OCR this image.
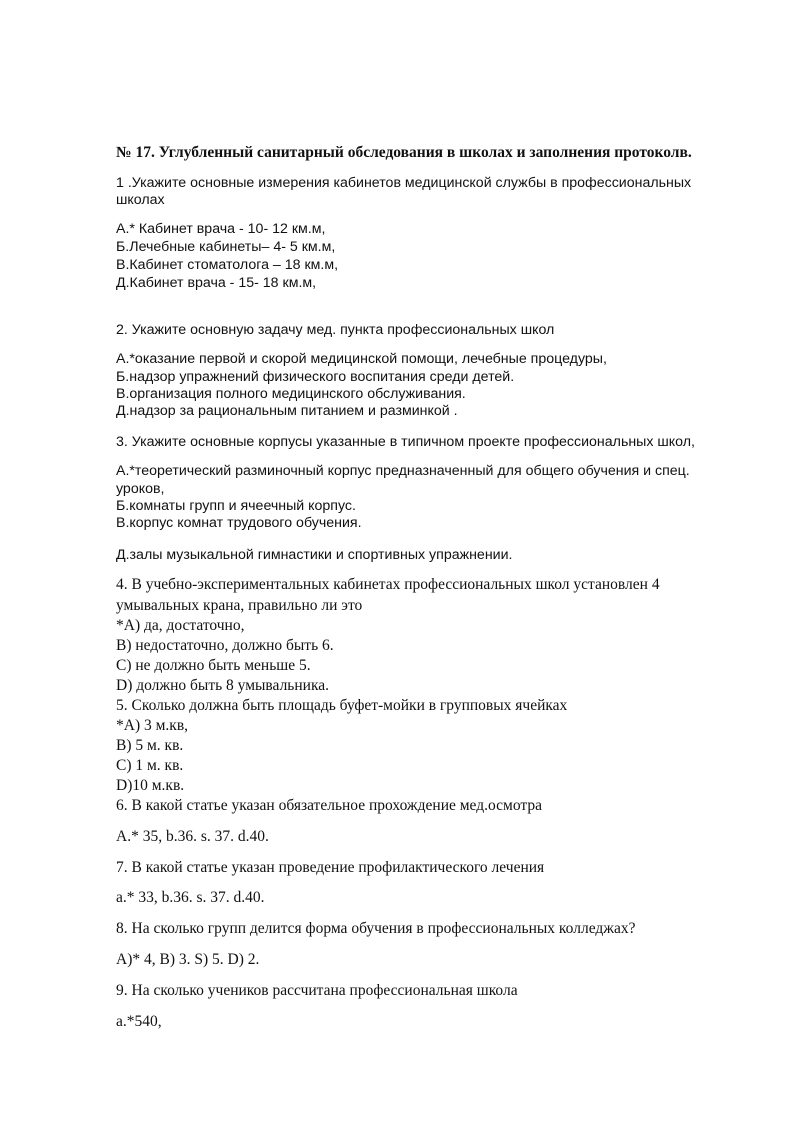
№ 17. Углубленный санитарный обследования в школах и заполнения протоколв.
1 .Укажите основные измерения кабинетов медицинской службы в профессиональных
школах
А.* Кабинет врача - 10- 12 км.м,
Б.Лечебные кабинеты– 4- 5 км.м,
В.Кабинет стоматолога – 18 км.м,
Д.Кабинет врача - 15- 18 км.м,
2. Укажите основную задачу мед. пункта профессиональных школ
А.*оказание первой и скорой медицинской помощи, лечебные процедуры,
Б.надзор упражнений физического воспитания среди детей.
В.организация полного медицинского обслуживания.
Д.надзор за рациональным питанием и разминкой .
3. Укажите основные корпусы указанные в типичном проекте профессиональных школ,
А.*теоретический разминочный корпус предназначенный для общего обучения и спец.
уроков,
Б.комнаты групп и ячеечный корпус.
В.корпус комнат трудового обучения.
Д.залы музыкальной гимнастики и спортивных упражнении.
4. В учебно-экспериментальных кабинетах профессиональных школ установлен 4
умывальных крана, правильно ли это
*А) да, достаточно,
В) недостаточно, должно быть 6.
С) не должно быть меньше 5.
D) должно быть 8 умывальника.
5. Сколько должна быть площадь буфет-мойки в групповых ячейках
*А) 3 м.кв,
В) 5 м. кв.
С) 1 м. кв.
D)10 м.кв.
6. В какой статье указан обязательное прохождение мед.осмотра
А.* 35, b.36. s. 37. d.40.
7. В какой статье указан проведение профилактического лечения
a.* 33, b.36. s. 37. d.40.
8. На сколько групп делится форма обучения в профессиональных колледжах?
А)* 4, В) 3. S) 5. D) 2.
9. На сколько учеников рассчитана профессиональная школа
a.*540,
